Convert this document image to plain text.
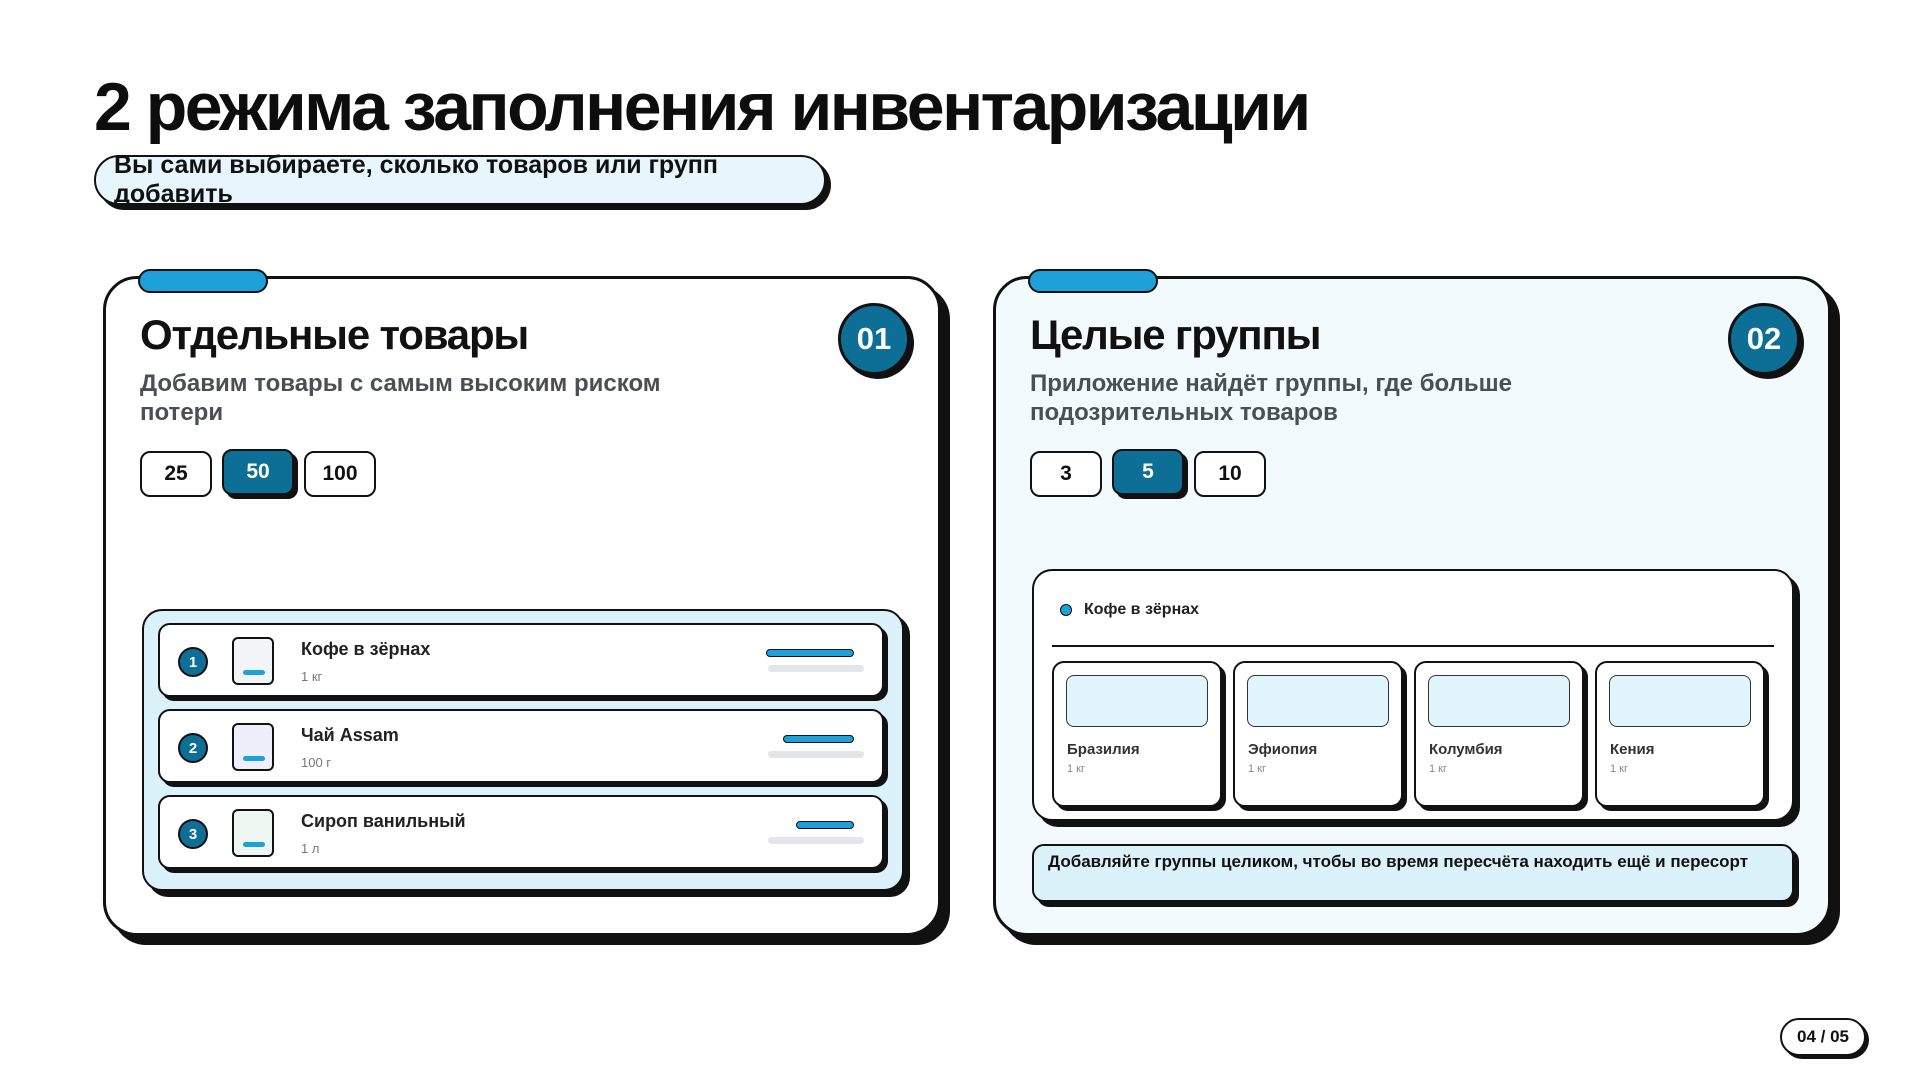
2 режима заполнения инвентаризации
Вы сами выбираете, сколько товаров или групп добавить
Отдельные товары

Добавим товары с самым высоким риском потери

01
25	50	100
1
Кофе в зёрнах
1 кг
2
Чай Assam
100 г
3
Сироп ванильный
1 л
Целые группы

Приложение найдёт группы, где больше подозрительных товаров

02
3	5	10
Кофе в зёрнах
Бразилия
1 кг
Эфиопия
1 кг
Колумбия
1 кг
Кения
1 кг
Добавляйте группы целиком, чтобы во время пересчёта находить ещё и пересорт
04 / 05
